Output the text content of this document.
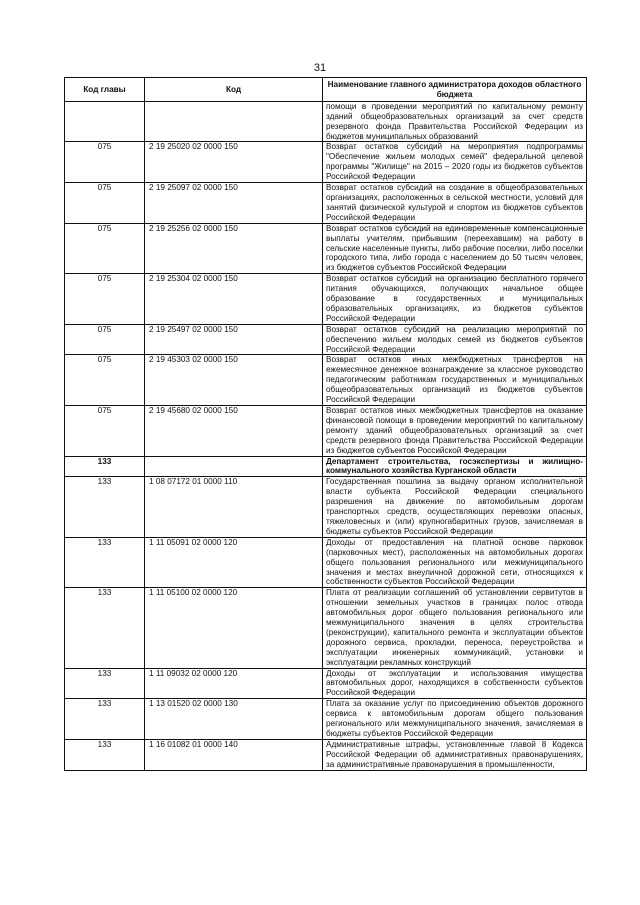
31
Код главы	Код	Наименование главного администратора доходов областного бюджета
		помощи в проведении мероприятий по капитальному ремонту зданий общеобразовательных организаций за счет средств резервного фонда Правительства Российской Федерации из бюджетов муниципальных образований
075	2 19 25020 02 0000 150	Возврат остатков субсидий на мероприятия подпрограммы "Обеспечение жильем молодых семей" федеральной целевой программы "Жилище" на 2015 – 2020 годы из бюджетов субъектов Российской Федерации
075	2 19 25097 02 0000 150	Возврат остатков субсидий на создание в общеобразовательных организациях, расположенных в сельской местности, условий для занятий физической культурой и спортом из бюджетов субъектов Российской Федерации
075	2 19 25256 02 0000 150	Возврат остатков субсидий на единовременные компенсационные выплаты учителям, прибывшим (переехавшим) на работу в сельские населенные пункты, либо рабочие поселки, либо поселки городского типа, либо города с населением до 50 тысяч человек, из бюджетов субъектов Российской Федерации
075	2 19 25304 02 0000 150	Возврат остатков субсидий на организацию бесплатного горячего питания обучающихся, получающих начальное общее образование в государственных и муниципальных образовательных организациях, из бюджетов субъектов Российской Федерации
075	2 19 25497 02 0000 150	Возврат остатков субсидий на реализацию мероприятий по обеспечению жильем молодых семей из бюджетов субъектов Российской Федерации
075	2 19 45303 02 0000 150	Возврат остатков иных межбюджетных трансфертов на ежемесячное денежное вознаграждение за классное руководство педагогическим работникам государственных и муниципальных общеобразовательных организаций из бюджетов субъектов Российской Федерации
075	2 19 45680 02 0000 150	Возврат остатков иных межбюджетных трансфертов на оказание финансовой помощи в проведении мероприятий по капитальному ремонту зданий общеобразовательных организаций за счет средств резервного фонда Правительства Российской Федерации из бюджетов субъектов Российской Федерации
133		Департамент строительства, госэкспертизы и жилищно-коммунального хозяйства Курганской области
133	1 08 07172 01 0000 110	Государственная пошлина за выдачу органом исполнительной власти субъекта Российской Федерации специального разрешения на движение по автомобильным дорогам транспортных средств, осуществляющих перевозки опасных, тяжеловесных и (или) крупногабаритных грузов, зачисляемая в бюджеты субъектов Российской Федерации
133	1 11 05091 02 0000 120	Доходы от предоставления на платной основе парковок (парковочных мест), расположенных на автомобильных дорогах общего пользования регионального или межмуниципального значения и местах внеуличной дорожной сети, относящихся к собственности субъектов Российской Федерации
133	1 11 05100 02 0000 120	Плата от реализации соглашений об установлении сервитутов в отношении земельных участков в границах полос отвода автомобильных дорог общего пользования регионального или межмуниципального значения в целях строительства (реконструкции), капитального ремонта и эксплуатации объектов дорожного сервиса, прокладки, переноса, переустройства и эксплуатации инженерных коммуникаций, установки и эксплуатации рекламных конструкций
133	1 11 09032 02 0000 120	Доходы от эксплуатации и использования имущества автомобильных дорог, находящихся в собственности субъектов Российской Федерации
133	1 13 01520 02 0000 130	Плата за оказание услуг по присоединению объектов дорожного сервиса к автомобильным дорогам общего пользования регионального или межмуниципального значения, зачисляемая в бюджеты субъектов Российской Федерации
133	1 16 01082 01 0000 140	Административные штрафы, установленные главой 8 Кодекса Российской Федерации об административных правонарушениях, за административные правонарушения в промышленности,
